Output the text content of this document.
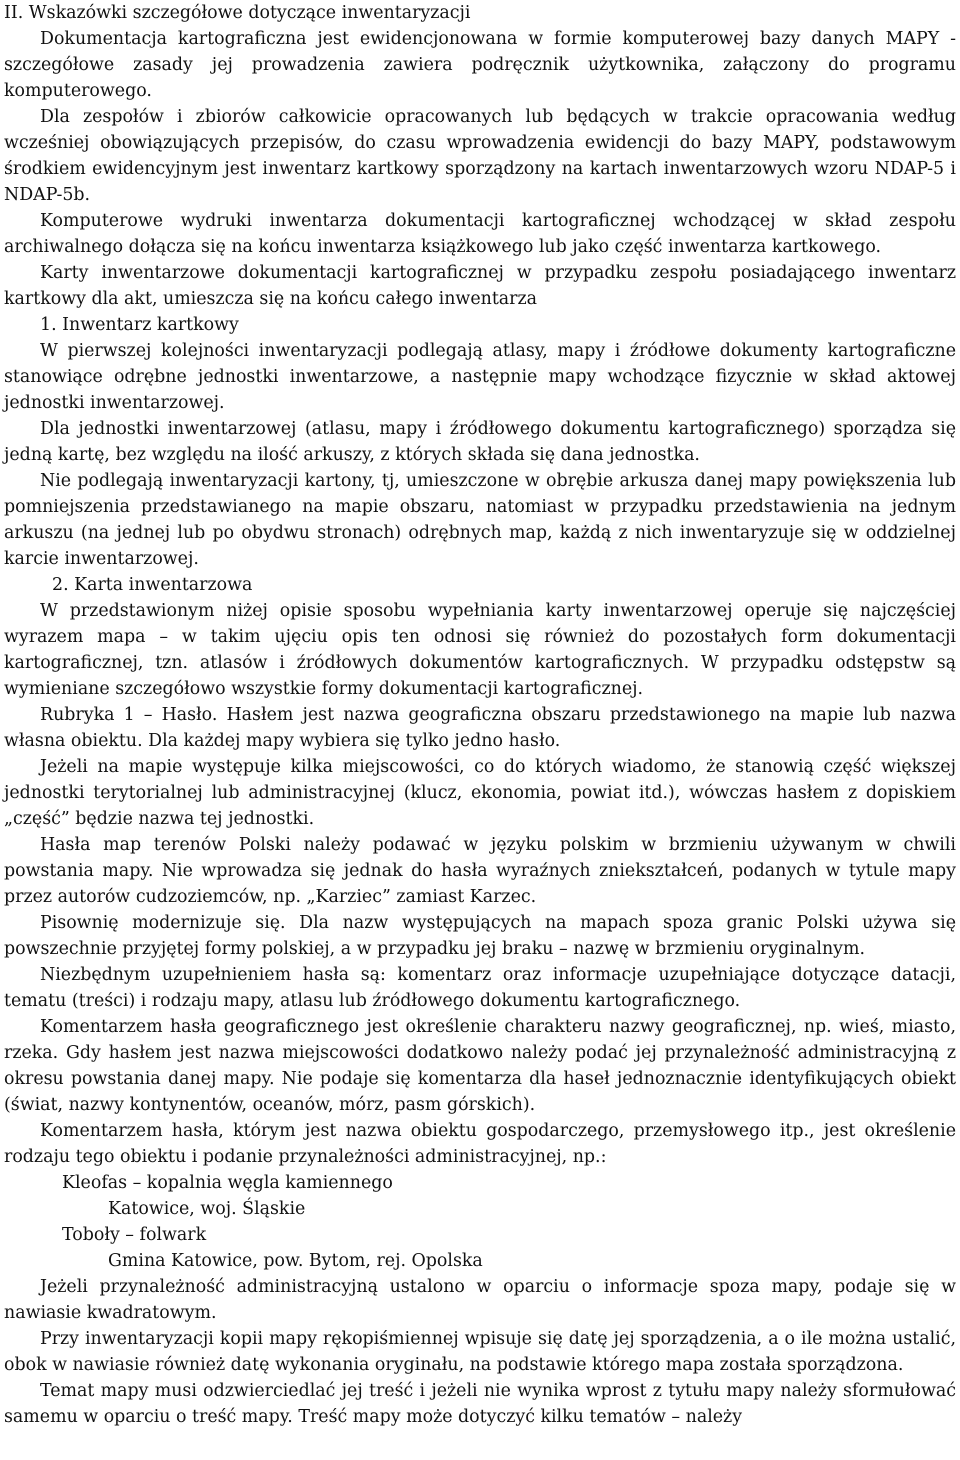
II. Wskazówki szczegółowe dotyczące inwentaryzacji

Dokumentacja kartograficzna jest ewidencjonowana w formie komputerowej bazy danych MAPY - szczegółowe zasady jej prowadzenia zawiera podręcznik użytkownika, załączony do programu komputerowego.

Dla zespołów i zbiorów całkowicie opracowanych lub będących w trakcie opracowania według wcześniej obowiązujących przepisów, do czasu wprowadzenia ewidencji do bazy MAPY, podstawowym środkiem ewidencyjnym jest inwentarz kartkowy sporządzony na kartach inwentarzowych wzoru NDAP-5 i NDAP-5b.

Komputerowe wydruki inwentarza dokumentacji kartograficznej wchodzącej w skład zespołu archiwalnego dołącza się na końcu inwentarza książkowego lub jako część inwentarza kartkowego.

Karty inwentarzowe dokumentacji kartograficznej w przypadku zespołu posiadającego inwentarz kartkowy dla akt, umieszcza się na końcu całego inwentarza

1. Inwentarz kartkowy

W pierwszej kolejności inwentaryzacji podlegają atlasy, mapy i źródłowe dokumenty kartograficzne stanowiące odrębne jednostki inwentarzowe, a następnie mapy wchodzące fizycznie w skład aktowej jednostki inwentarzowej.

Dla jednostki inwentarzowej (atlasu, mapy i źródłowego dokumentu kartograficznego) sporządza się jedną kartę, bez względu na ilość arkuszy, z których składa się dana jednostka.

Nie podlegają inwentaryzacji kartony, tj, umieszczone w obrębie arkusza danej mapy powiększenia lub pomniejszenia przedstawianego na mapie obszaru, natomiast w przypadku przedstawienia na jednym arkuszu (na jednej lub po obydwu stronach) odrębnych map, każdą z nich inwentaryzuje się w oddzielnej karcie inwentarzowej.

2. Karta inwentarzowa

W przedstawionym niżej opisie sposobu wypełniania karty inwentarzowej operuje się najczęściej wyrazem mapa – w takim ujęciu opis ten odnosi się również do pozostałych form dokumentacji kartograficznej, tzn. atlasów i źródłowych dokumentów kartograficznych. W przypadku odstępstw są wymieniane szczegółowo wszystkie formy dokumentacji kartograficznej.

Rubryka 1 – Hasło. Hasłem jest nazwa geograficzna obszaru przedstawionego na mapie lub nazwa własna obiektu. Dla każdej mapy wybiera się tylko jedno hasło.

Jeżeli na mapie występuje kilka miejscowości, co do których wiadomo, że stanowią część większej jednostki terytorialnej lub administracyjnej (klucz, ekonomia, powiat itd.), wówczas hasłem z dopiskiem „część” będzie nazwa tej jednostki.

Hasła map terenów Polski należy podawać w języku polskim w brzmieniu używanym w chwili powstania mapy. Nie wprowadza się jednak do hasła wyraźnych zniekształceń, podanych w tytule mapy przez autorów cudzoziemców, np. „Karziec” zamiast Karzec.

Pisownię modernizuje się. Dla nazw występujących na mapach spoza granic Polski używa się powszechnie przyjętej formy polskiej, a w przypadku jej braku – nazwę w brzmieniu oryginalnym.

Niezbędnym uzupełnieniem hasła są: komentarz oraz informacje uzupełniające dotyczące datacji, tematu (treści) i rodzaju mapy, atlasu lub źródłowego dokumentu kartograficznego.

Komentarzem hasła geograficznego jest określenie charakteru nazwy geograficznej, np. wieś, miasto, rzeka. Gdy hasłem jest nazwa miejscowości dodatkowo należy podać jej przynależność administracyjną z okresu powstania danej mapy. Nie podaje się komentarza dla haseł jednoznacznie identyfikujących obiekt (świat, nazwy kontynentów, oceanów, mórz, pasm górskich).

Komentarzem hasła, którym jest nazwa obiektu gospodarczego, przemysłowego itp., jest określenie rodzaju tego obiektu i podanie przynależności administracyjnej, np.:

Kleofas – kopalnia węgla kamiennego

Katowice, woj. Śląskie

Toboły – folwark

Gmina Katowice, pow. Bytom, rej. Opolska

Jeżeli przynależność administracyjną ustalono w oparciu o informacje spoza mapy, podaje się w nawiasie kwadratowym.

Przy inwentaryzacji kopii mapy rękopiśmiennej wpisuje się datę jej sporządzenia, a o ile można ustalić, obok w nawiasie również datę wykonania oryginału, na podstawie którego mapa została sporządzona.

Temat mapy musi odzwierciedlać jej treść i jeżeli nie wynika wprost z tytułu mapy należy sformułować samemu w oparciu o treść mapy. Treść mapy może dotyczyć kilku tematów – należy
